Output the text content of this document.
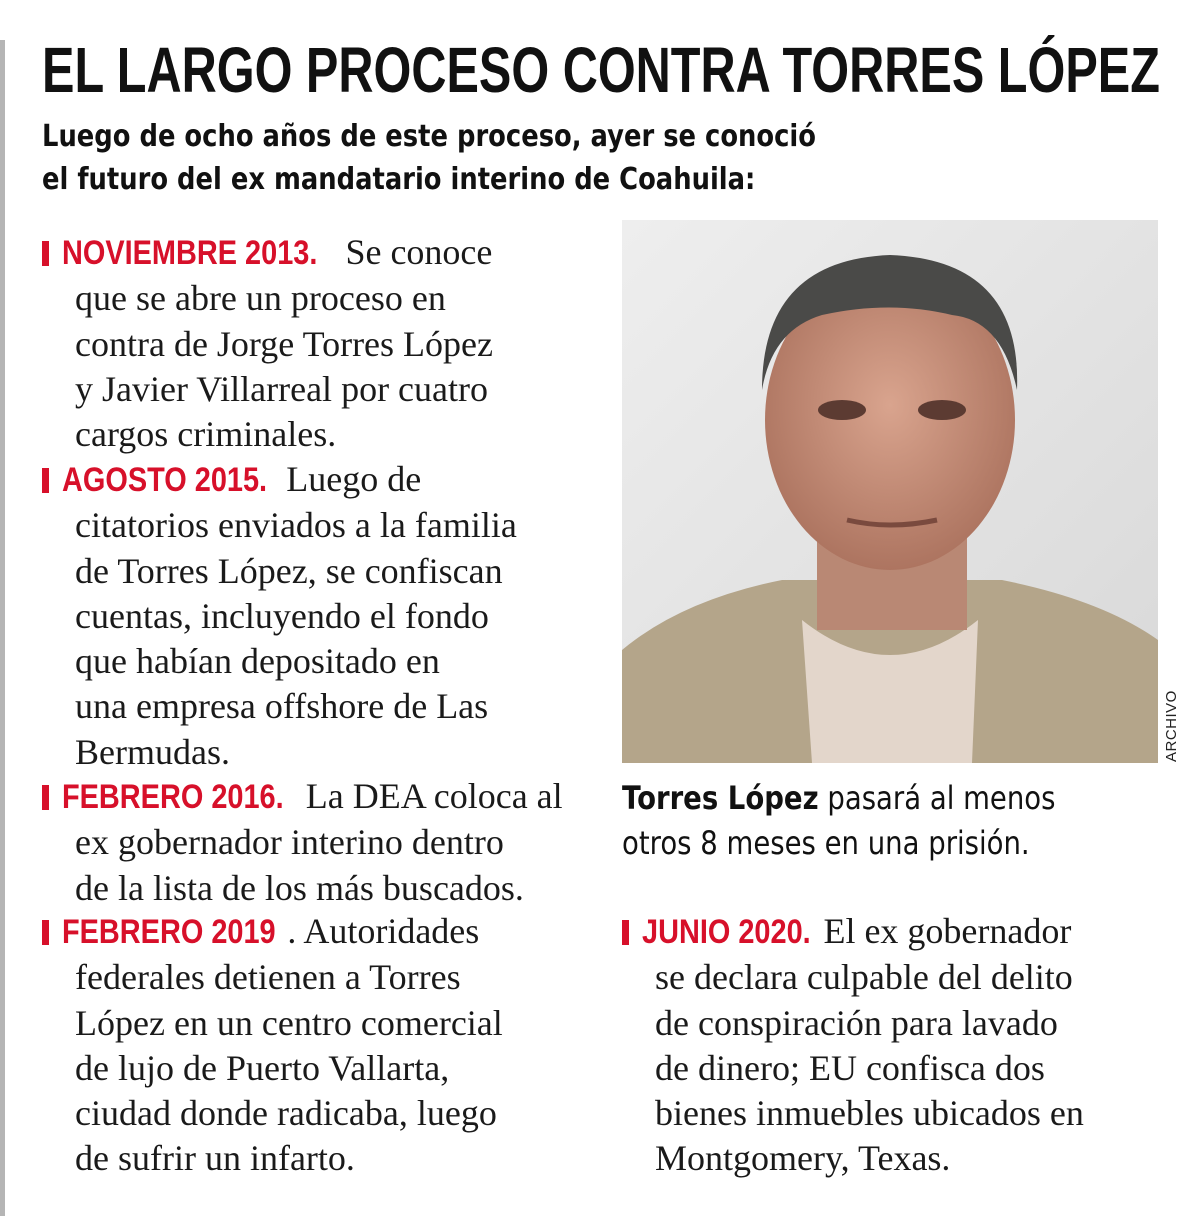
EL LARGO PROCESO CONTRA TORRES LÓPEZ
Luego de ocho años de este proceso, ayer se conoció
el futuro del ex mandatario interino de Coahuila:
NOVIEMBRE 2013. Se conoce
que se abre un proceso en
contra de Jorge Torres López
y Javier Villarreal por cuatro
cargos criminales.
AGOSTO 2015. Luego de
citatorios enviados a la familia
de Torres López, se confiscan
cuentas, incluyendo el fondo
que habían depositado en
una empresa offshore de Las
Bermudas.
FEBRERO 2016. La DEA coloca al
ex gobernador interino dentro
de la lista de los más buscados.
FEBRERO 2019 . Autoridades
federales detienen a Torres
López en un centro comercial
de lujo de Puerto Vallarta,
ciudad donde radicaba, luego
de sufrir un infarto.
ARCHIVO
Torres López pasará al menos
otros 8 meses en una prisión.
JUNIO 2020. El ex gobernador
se declara culpable del delito
de conspiración para lavado
de dinero; EU confisca dos
bienes inmuebles ubicados en
Montgomery, Texas.
